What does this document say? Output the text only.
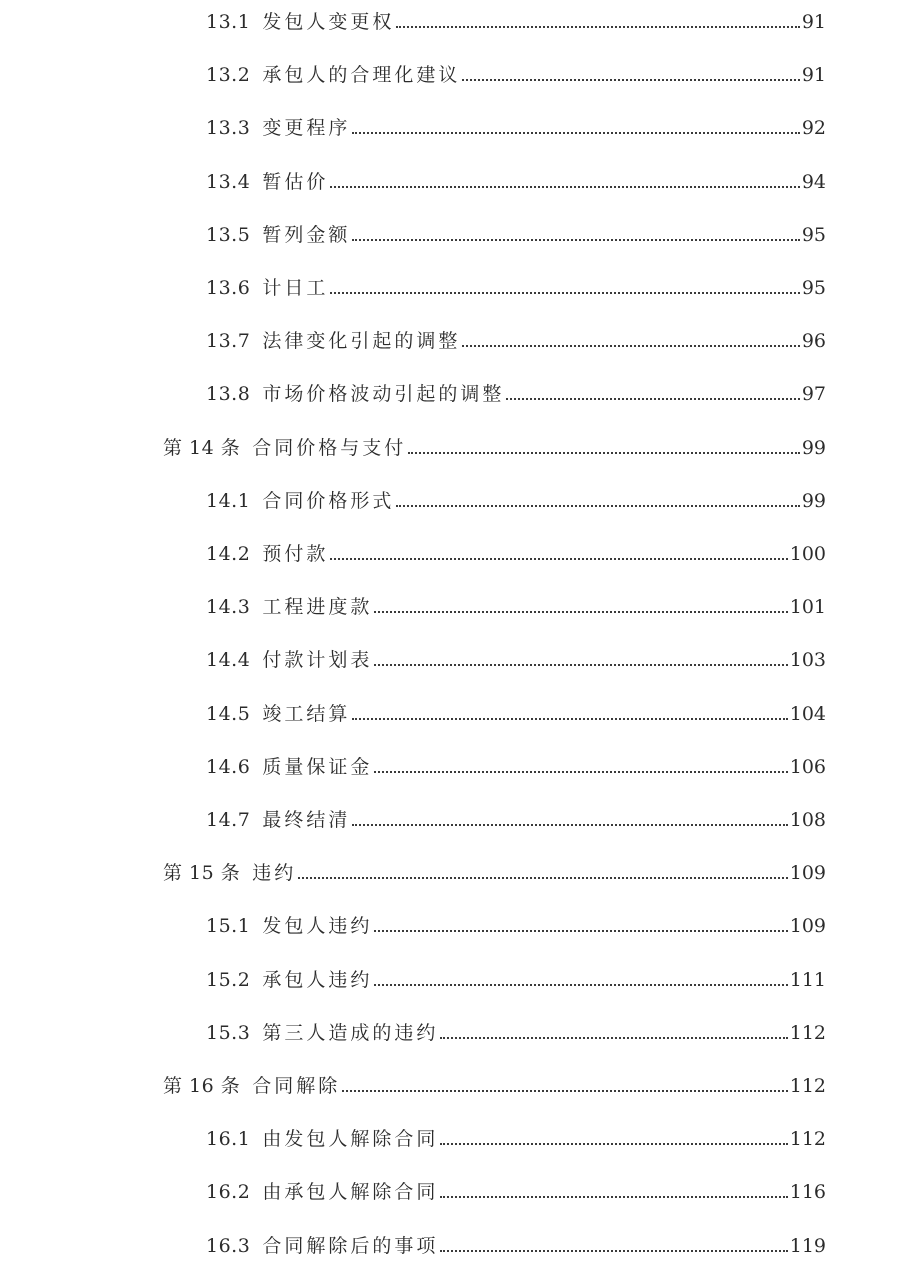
13.1 发包人变更权	91
13.2 承包人的合理化建议	91
13.3 变更程序	92
13.4 暂估价	94
13.5 暂列金额	95
13.6 计日工	95
13.7 法律变化引起的调整	96
13.8 市场价格波动引起的调整	97
第 14 条 合同价格与支付	99
14.1 合同价格形式	99
14.2 预付款	100
14.3 工程进度款	101
14.4 付款计划表	103
14.5 竣工结算	104
14.6 质量保证金	106
14.7 最终结清	108
第 15 条 违约	109
15.1 发包人违约	109
15.2 承包人违约	111
15.3 第三人造成的违约	112
第 16 条 合同解除	112
16.1 由发包人解除合同	112
16.2 由承包人解除合同	116
16.3 合同解除后的事项	119
